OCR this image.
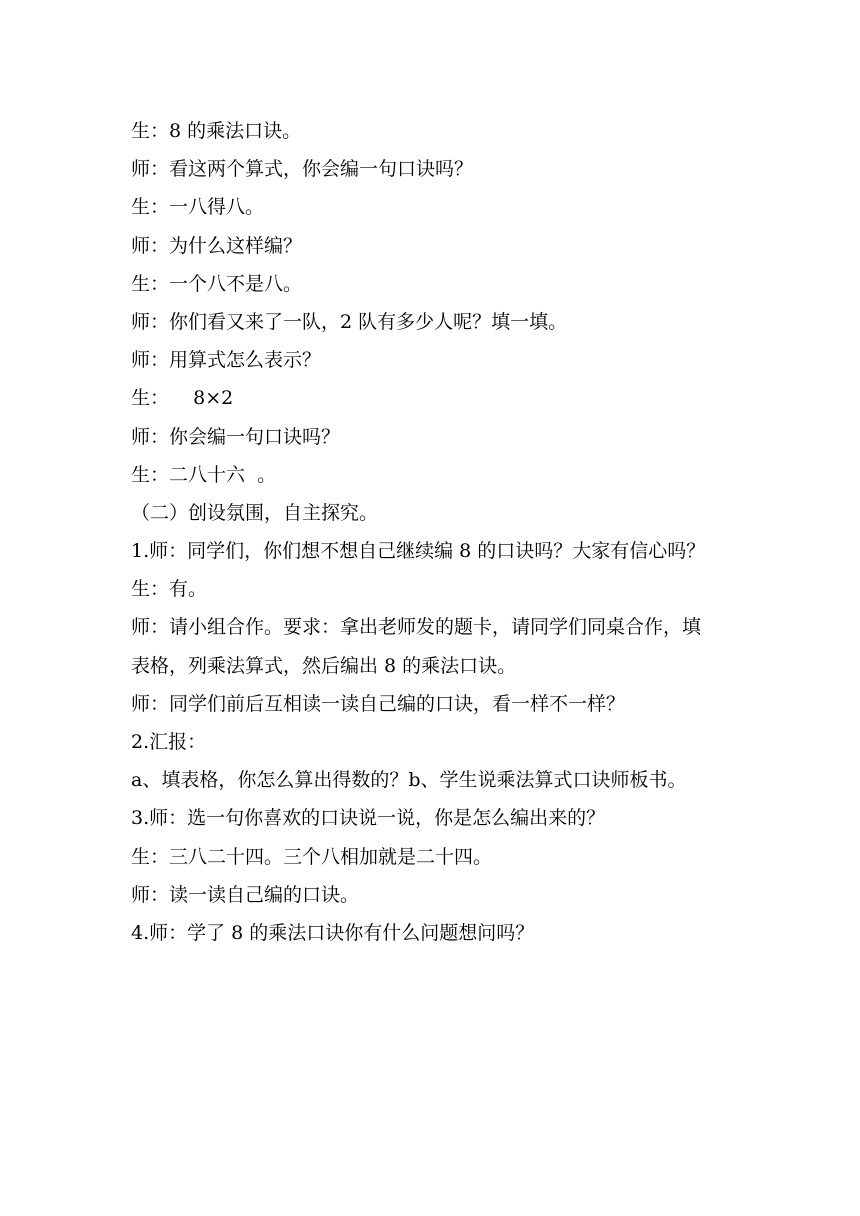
生：8 的乘法口诀。

师：看这两个算式，你会编一句口诀吗？

生：一八得八。

师：为什么这样编？

生：一个八不是八。

师：你们看又来了一队，2 队有多少人呢？填一填。

师：用算式怎么表示？

生：    8×2

师：你会编一句口诀吗？

生：二八十六  。

（二）创设氛围，自主探究。

1.师：同学们，你们想不想自己继续编 8 的口诀吗？大家有信心吗？

生：有。

师：请小组合作。要求：拿出老师发的题卡，请同学们同桌合作，填

表格，列乘法算式，然后编出 8 的乘法口诀。

师：同学们前后互相读一读自己编的口诀，看一样不一样？

2.汇报：

a、填表格，你怎么算出得数的？b、学生说乘法算式口诀师板书。

3.师：选一句你喜欢的口诀说一说，你是怎么编出来的？

生：三八二十四。三个八相加就是二十四。

师：读一读自己编的口诀。

4.师：学了 8 的乘法口诀你有什么问题想问吗？
